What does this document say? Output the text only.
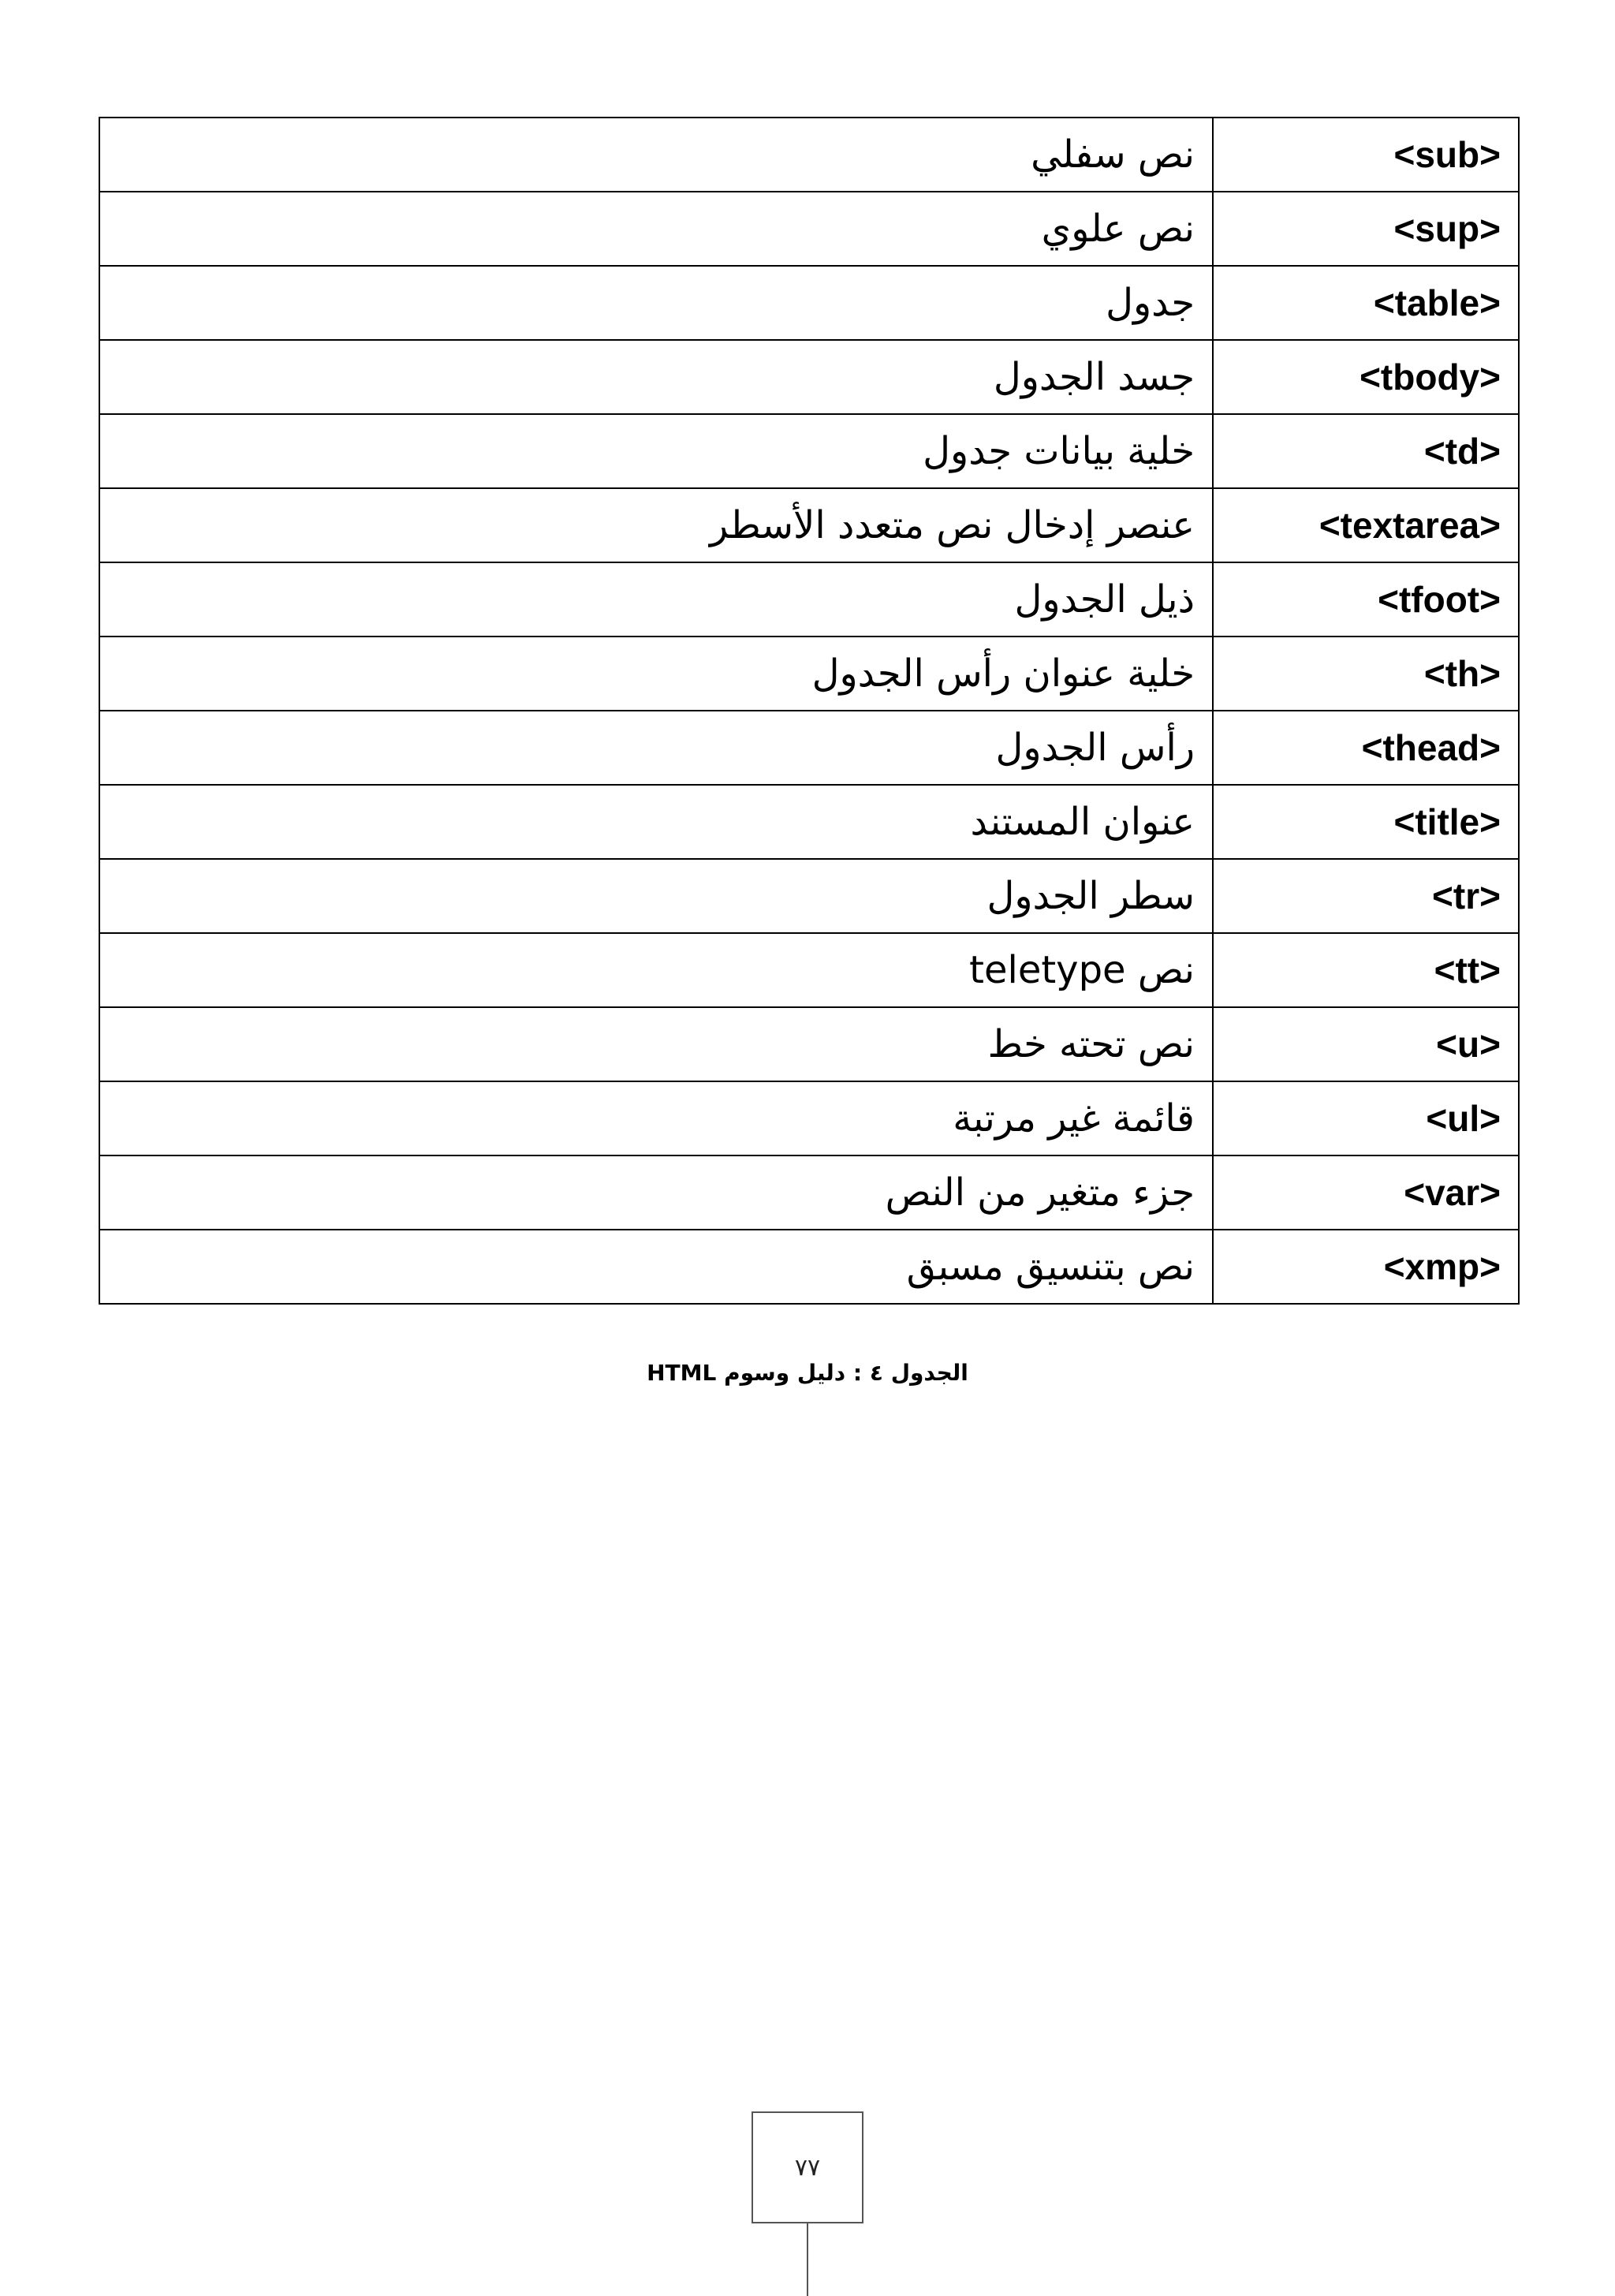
نص سفلي	<sub>
نص علوي	<sup>
جدول	<table>
جسد الجدول	<tbody>
خلية بيانات جدول	<td>
عنصر إدخال نص متعدد الأسطر	<textarea>
ذيل الجدول	<tfoot>
خلية عنوان رأس الجدول	<th>
رأس الجدول	<thead>
عنوان المستند	<title>
سطر الجدول	<tr>
نص teletype	<tt>
نص تحته خط	<u>
قائمة غير مرتبة	<ul>
جزء متغير من النص	<var>
نص بتنسيق مسبق	<xmp>
الجدول ٤ : دليل وسوم HTML
٧٧
